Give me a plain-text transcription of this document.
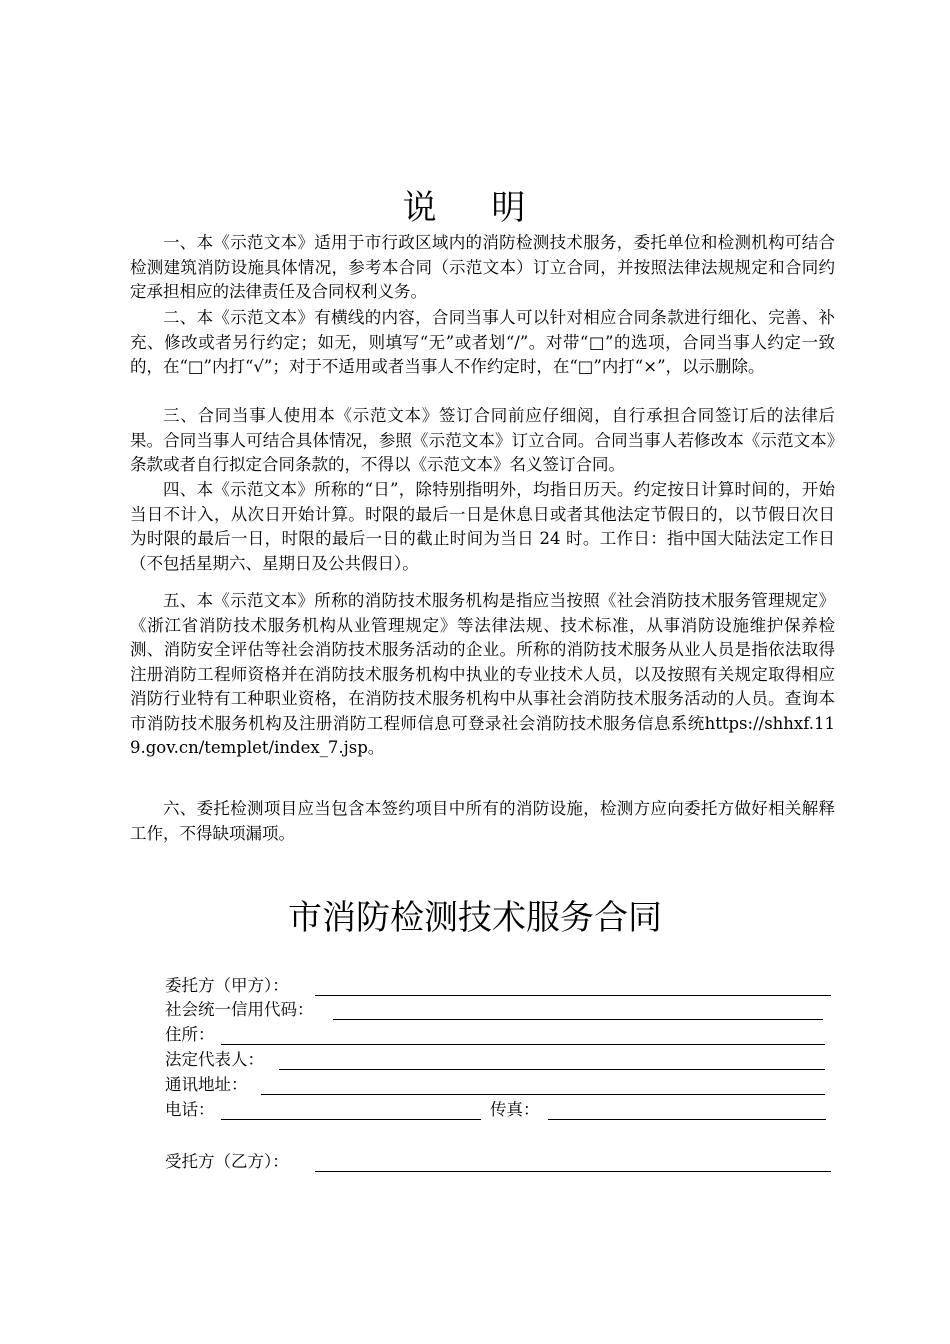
说 明

一、本《示范文本》适用于市行政区域内的消防检测技术服务，委托单位和检测机构可结合检测建筑消防设施具体情况，参考本合同（示范文本）订立合同，并按照法律法规规定和合同约定承担相应的法律责任及合同权利义务。

二、本《示范文本》有横线的内容，合同当事人可以针对相应合同条款进行细化、完善、补充、修改或者另行约定；如无，则填写“无”或者划“/”。对带“□”的选项，合同当事人约定一致的，在“□”内打“√”；对于不适用或者当事人不作约定时，在“□”内打“×”，以示删除。

三、合同当事人使用本《示范文本》签订合同前应仔细阅，自行承担合同签订后的法律后果。合同当事人可结合具体情况，参照《示范文本》订立合同。合同当事人若修改本《示范文本》条款或者自行拟定合同条款的，不得以《示范文本》名义签订合同。

四、本《示范文本》所称的“日”，除特别指明外，均指日历天。约定按日计算时间的，开始当日不计入，从次日开始计算。时限的最后一日是休息日或者其他法定节假日的，以节假日次日为时限的最后一日，时限的最后一日的截止时间为当日 24 时。工作日：指中国大陆法定工作日（不包括星期六、星期日及公共假日）。

五、本《示范文本》所称的消防技术服务机构是指应当按照《社会消防技术服务管理规定》《浙江省消防技术服务机构从业管理规定》等法律法规、技术标准，从事消防设施维护保养检测、消防安全评估等社会消防技术服务活动的企业。所称的消防技术服务从业人员是指依法取得注册消防工程师资格并在消防技术服务机构中执业的专业技术人员，以及按照有关规定取得相应消防行业特有工种职业资格，在消防技术服务机构中从事社会消防技术服务活动的人员。查询本市消防技术服务机构及注册消防工程师信息可登录社会消防技术服务信息系统https://shhxf.119.gov.cn/templet/index_7.jsp。

六、委托检测项目应当包含本签约项目中所有的消防设施，检测方应向委托方做好相关解释工作，不得缺项漏项。

市消防检测技术服务合同
委托方（甲方）：
社会统一信用代码：
住所：
法定代表人：
通讯地址：
电话：	传真：
受托方（乙方）：
